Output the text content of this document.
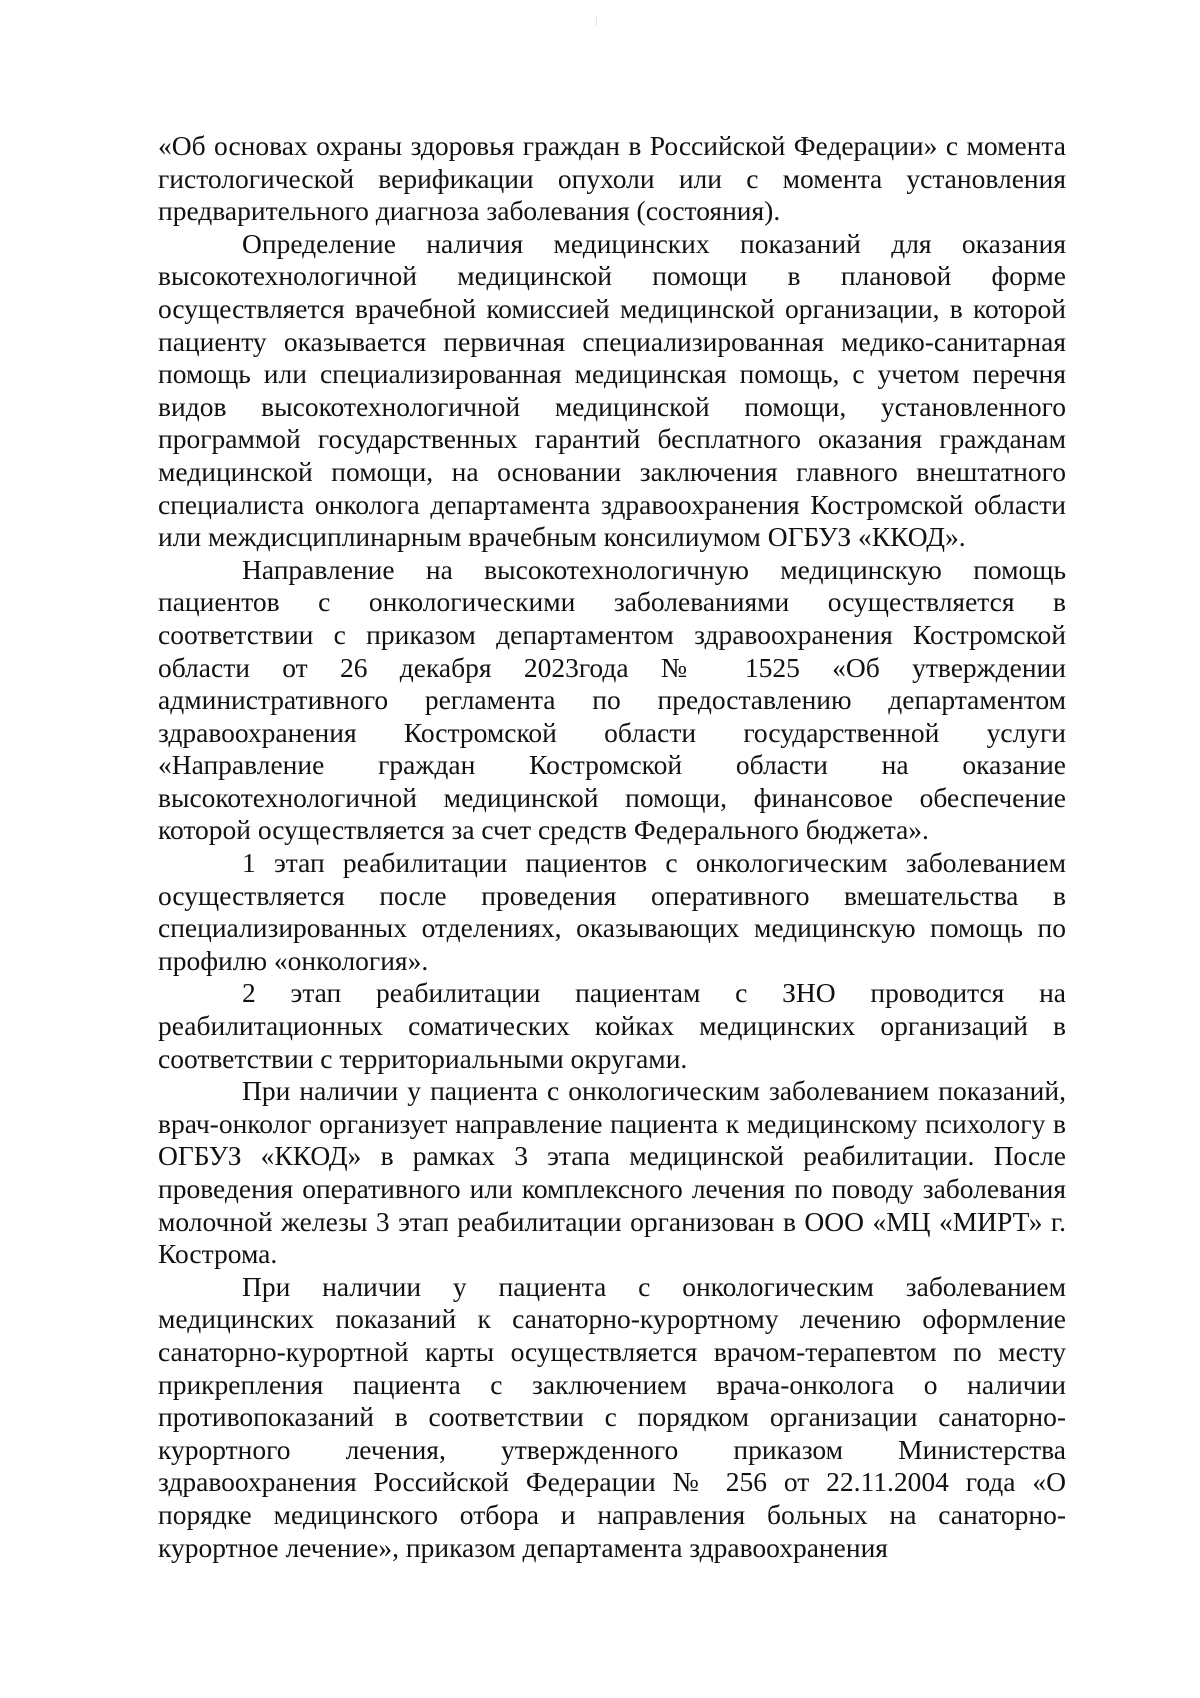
«Об основах охраны здоровья граждан в Российской Федерации» с момента гистологической верификации опухоли или с момента установления предварительного диагноза заболевания (состояния).

Определение наличия медицинских показаний для оказания высокотехнологичной медицинской помощи в плановой форме осуществляется врачебной комиссией медицинской организации, в которой пациенту оказывается первичная специализированная медико-санитарная помощь или специализированная медицинская помощь, с учетом перечня видов высокотехнологичной медицинской помощи, установленного программой государственных гарантий бесплатного оказания гражданам медицинской помощи, на основании заключения главного внештатного специалиста онколога департамента здравоохранения Костромской области или междисциплинарным врачебным консилиумом ОГБУЗ «ККОД».

Направление на высокотехнологичную медицинскую помощь пациентов с онкологическими заболеваниями осуществляется в соответствии с приказом департаментом здравоохранения Костромской области от 26 декабря 2023года № 1525 «Об утверждении административного регламента по предоставлению департаментом здравоохранения Костромской области государственной услуги «Направление граждан Костромской области на оказание высокотехнологичной медицинской помощи, финансовое обеспечение которой осуществляется за счет средств Федерального бюджета».

1 этап реабилитации пациентов с онкологическим заболеванием осуществляется после проведения оперативного вмешательства в специализированных отделениях, оказывающих медицинскую помощь по профилю «онкология».

2 этап реабилитации пациентам с ЗНО проводится на реабилитационных соматических койках медицинских организаций в соответствии с территориальными округами.

При наличии у пациента с онкологическим заболеванием показаний, врач-онколог организует направление пациента к медицинскому психологу в ОГБУЗ «ККОД» в рамках 3 этапа медицинской реабилитации. После проведения оперативного или комплексного лечения по поводу заболевания молочной железы 3 этап реабилитации организован в ООО «МЦ «МИРТ» г. Кострома.

При наличии у пациента с онкологическим заболеванием медицинских показаний к санаторно-курортному лечению оформление санаторно-курортной карты осуществляется врачом-терапевтом по месту прикрепления пациента с заключением врача-онколога о наличии противопоказаний в соответствии с порядком организации санаторно-курортного лечения, утвержденного приказом Министерства здравоохранения Российской Федерации № 256 от 22.11.2004 года «О порядке медицинского отбора и направления больных на санаторно-курортное лечение», приказом департамента здравоохранения
